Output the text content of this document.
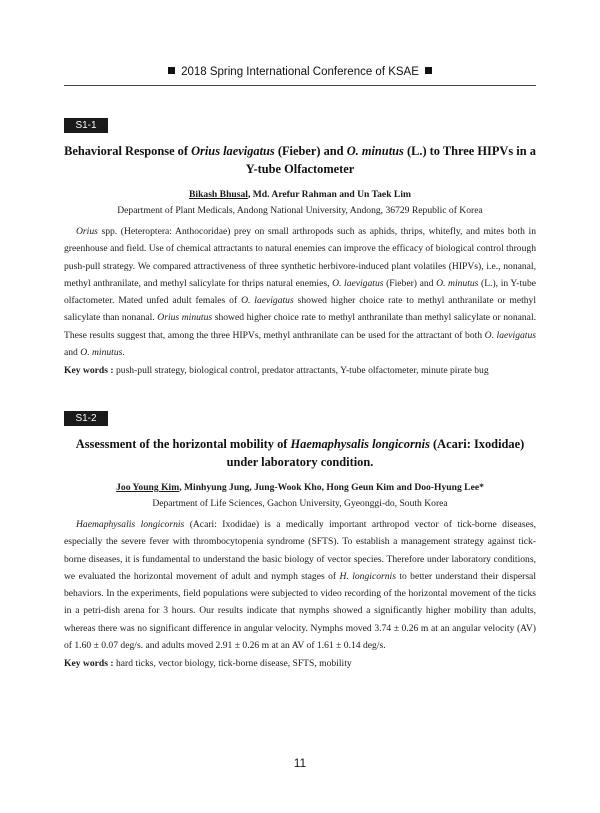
2018 Spring International Conference of KSAE
S1-1
Behavioral Response of Orius laevigatus (Fieber) and O. minutus (L.) to Three HIPVs in a Y-tube Olfactometer
Bikash Bhusal, Md. Arefur Rahman and Un Taek Lim
Department of Plant Medicals, Andong National University, Andong, 36729 Republic of Korea
Orius spp. (Heteroptera: Anthocoridae) prey on small arthropods such as aphids, thrips, whitefly, and mites both in greenhouse and field. Use of chemical attractants to natural enemies can improve the efficacy of biological control through push-pull strategy. We compared attractiveness of three synthetic herbivore-induced plant volatiles (HIPVs), i.e., nonanal, methyl anthranilate, and methyl salicylate for thrips natural enemies, O. laevigatus (Fieber) and O. minutus (L.), in Y-tube olfactometer. Mated unfed adult females of O. laevigatus showed higher choice rate to methyl anthranilate or methyl salicylate than nonanal. Orius minutus showed higher choice rate to methyl anthranilate than methyl salicylate or nonanal. These results suggest that, among the three HIPVs, methyl anthranilate can be used for the attractant of both O. laevigatus and O. minutus.
Key words : push-pull strategy, biological control, predator attractants, Y-tube olfactometer, minute pirate bug
S1-2
Assessment of the horizontal mobility of Haemaphysalis longicornis (Acari: Ixodidae) under laboratory condition.
Joo Young Kim, Minhyung Jung, Jung-Wook Kho, Hong Geun Kim and Doo-Hyung Lee*
Department of Life Sciences, Gachon University, Gyeonggi-do, South Korea
Haemaphysalis longicornis (Acari: Ixodidae) is a medically important arthropod vector of tick-borne diseases, especially the severe fever with thrombocytopenia syndrome (SFTS). To establish a management strategy against tick-borne diseases, it is fundamental to understand the basic biology of vector species. Therefore under laboratory conditions, we evaluated the horizontal movement of adult and nymph stages of H. longicornis to better understand their dispersal behaviors. In the experiments, field populations were subjected to video recording of the horizontal movement of the ticks in a petri-dish arena for 3 hours. Our results indicate that nymphs showed a significantly higher mobility than adults, whereas there was no significant difference in angular velocity. Nymphs moved 3.74 ± 0.26 m at an angular velocity (AV) of 1.60 ± 0.07 deg/s. and adults moved 2.91 ± 0.26 m at an AV of 1.61 ± 0.14 deg/s.
Key words : hard ticks, vector biology, tick-borne disease, SFTS, mobility
11
